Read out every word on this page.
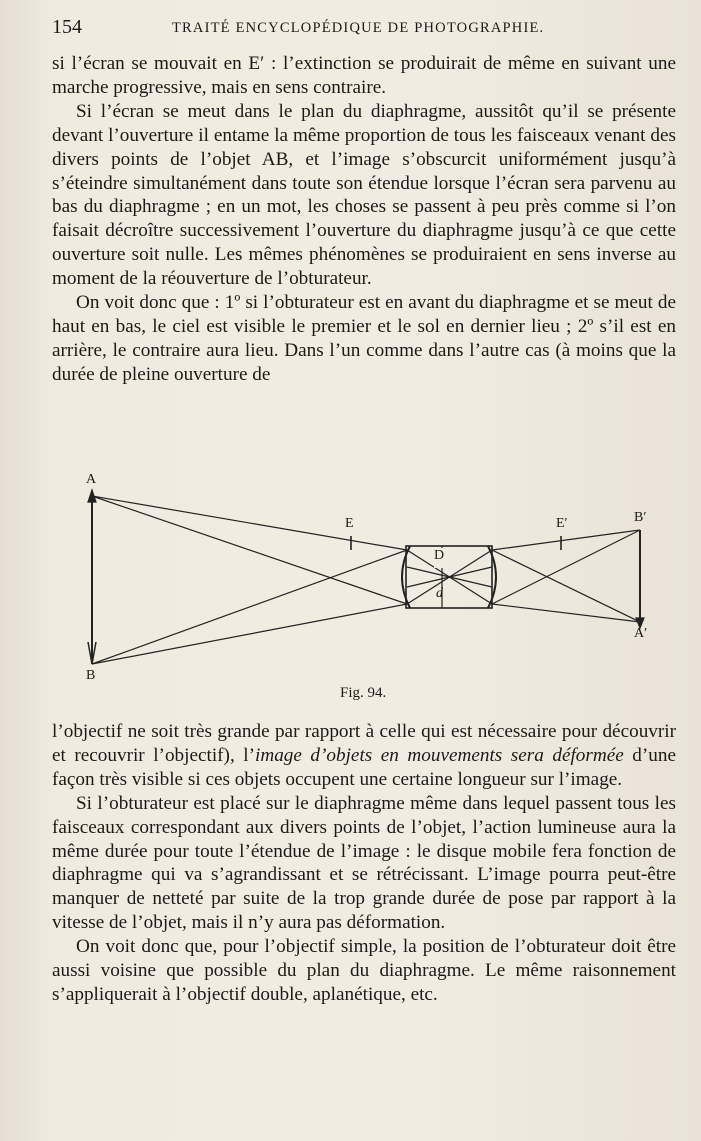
154	TRAITÉ ENCYCLOPÉDIQUE DE PHOTOGRAPHIE.

si l’écran se mouvait en E′ : l’extinction se produirait de même en suivant une marche progressive, mais en sens contraire.

Si l’écran se meut dans le plan du diaphragme, aussitôt qu’il se présente devant l’ouverture il entame la même proportion de tous les faisceaux venant des divers points de l’objet AB, et l’image s’obscurcit uniformément jusqu’à s’éteindre simultanément dans toute son étendue lorsque l’écran sera parvenu au bas du diaphragme ; en un mot, les choses se passent à peu près comme si l’on faisait décroître successivement l’ouverture du diaphragme jusqu’à ce que cette ouverture soit nulle. Les mêmes phénomènes se produiraient en sens inverse au moment de la réouverture de l’obturateur.

On voit donc que : 1º si l’obturateur est en avant du diaphragme et se meut de haut en bas, le ciel est visible le premier et le sol en dernier lieu ; 2º s’il est en arrière, le contraire aura lieu. Dans l’un comme dans l’autre cas (à moins que la durée de pleine ouverture de

A
B
E	E′	B′
A′
D
d
Fig. 94.

l’objectif ne soit très grande par rapport à celle qui est nécessaire pour découvrir et recouvrir l’objectif), l’image d’objets en mouvements sera déformée d’une façon très visible si ces objets occupent une certaine longueur sur l’image.

Si l’obturateur est placé sur le diaphragme même dans lequel passent tous les faisceaux correspondant aux divers points de l’objet, l’action lumineuse aura la même durée pour toute l’étendue de l’image : le disque mobile fera fonction de diaphragme qui va s’agrandissant et se rétrécissant. L’image pourra peut-être manquer de netteté par suite de la trop grande durée de pose par rapport à la vitesse de l’objet, mais il n’y aura pas déformation.

On voit donc que, pour l’objectif simple, la position de l’obturateur doit être aussi voisine que possible du plan du diaphragme. Le même raisonnement s’appliquerait à l’objectif double, aplanétique, etc.
